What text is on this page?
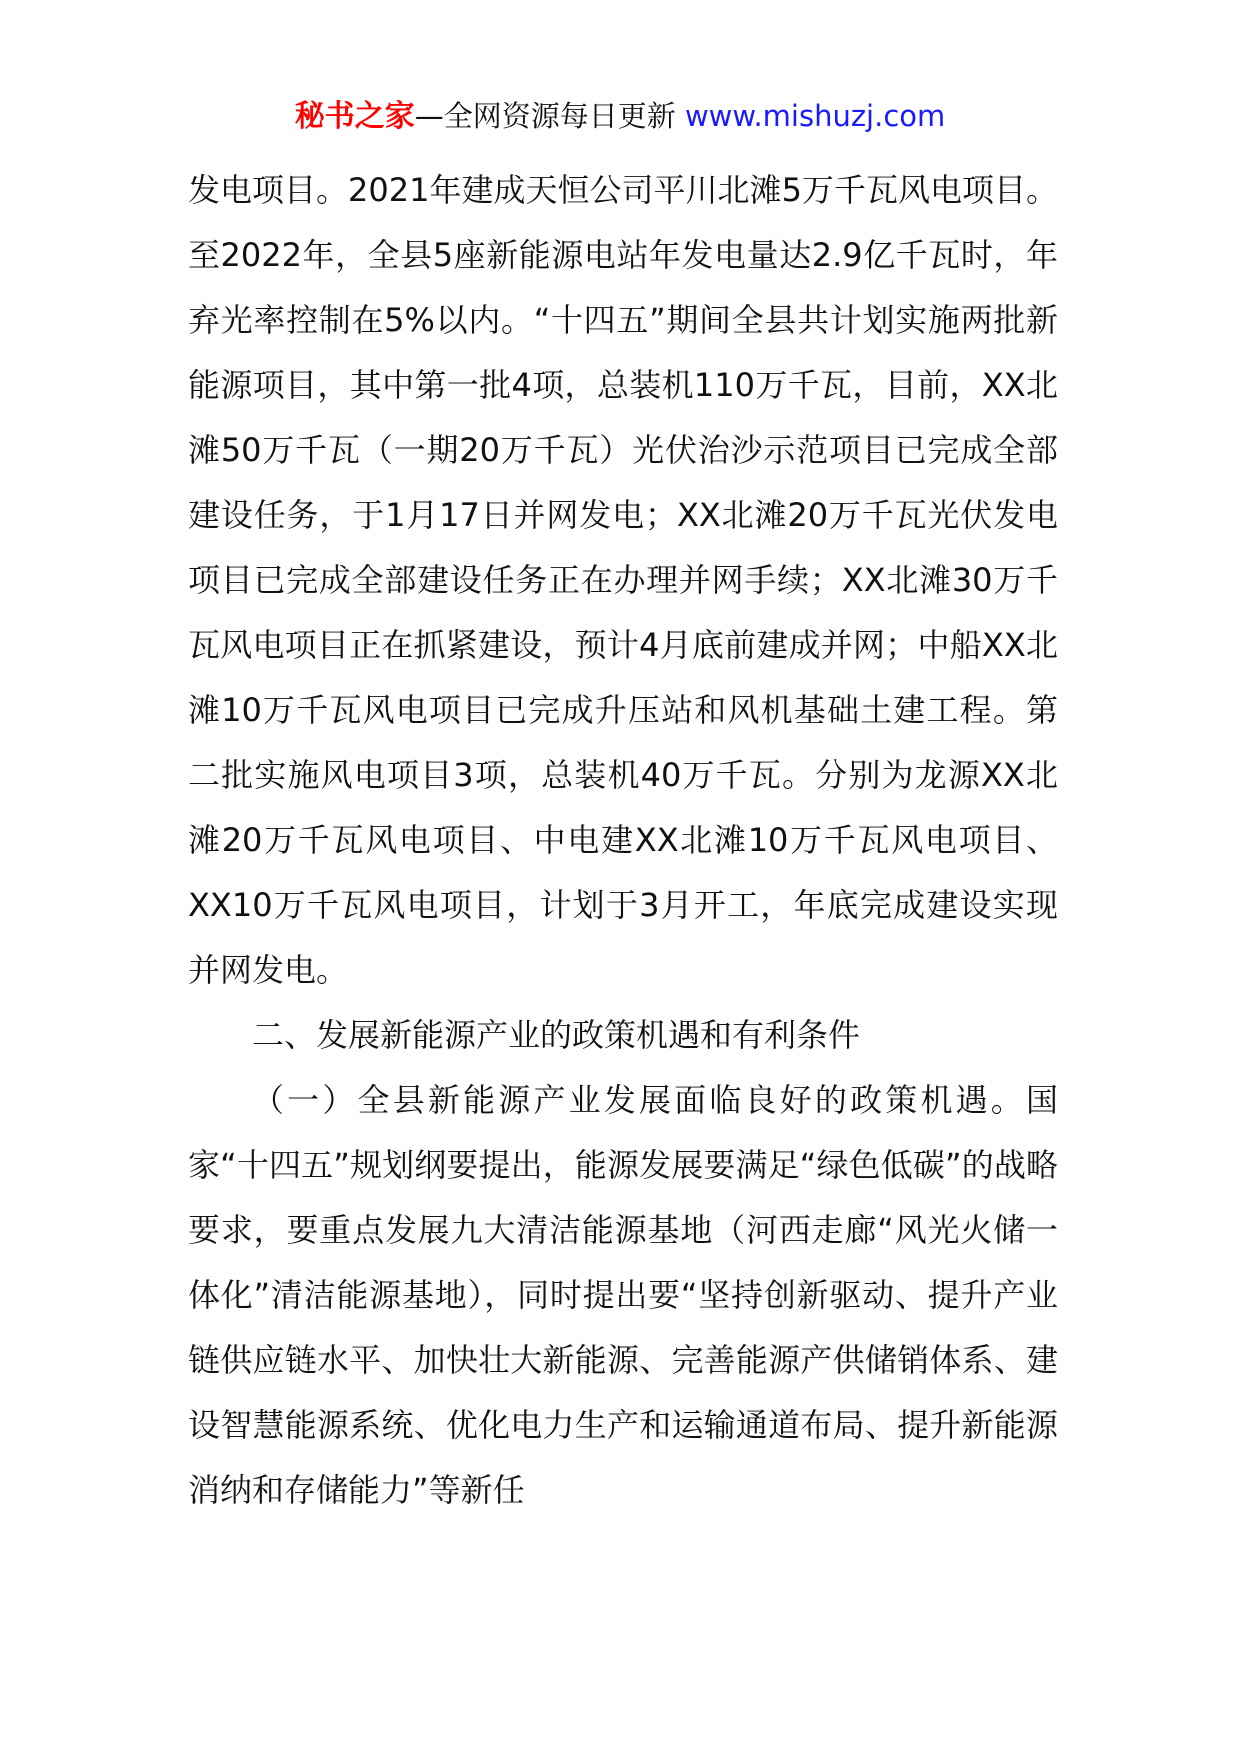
秘书之家—全网资源每日更新 www.mishuzj.com

发电项目。2021年建成天恒公司平川北滩5万千瓦风电项目。至2022年，全县5座新能源电站年发电量达2.9亿千瓦时，年弃光率控制在5%以内。“十四五”期间全县共计划实施两批新能源项目，其中第一批4项，总装机110万千瓦，目前，XX北滩50万千瓦（一期20万千瓦）光伏治沙示范项目已完成全部建设任务，于1月17日并网发电；XX北滩20万千瓦光伏发电项目已完成全部建设任务正在办理并网手续；XX北滩30万千瓦风电项目正在抓紧建设，预计4月底前建成并网；中船XX北滩10万千瓦风电项目已完成升压站和风机基础土建工程。第二批实施风电项目3项，总装机40万千瓦。分别为龙源XX北滩20万千瓦风电项目、中电建XX北滩10万千瓦风电项目、XX10万千瓦风电项目，计划于3月开工，年底完成建设实现并网发电。

二、发展新能源产业的政策机遇和有利条件

（一）全县新能源产业发展面临良好的政策机遇。国家“十四五”规划纲要提出，能源发展要满足“绿色低碳”的战略要求，要重点发展九大清洁能源基地（河西走廊“风光火储一体化”清洁能源基地），同时提出要“坚持创新驱动、提升产业链供应链水平、加快壮大新能源、完善能源产供储销体系、建设智慧能源系统、优化电力生产和运输通道布局、提升新能源消纳和存储能力”等新任
